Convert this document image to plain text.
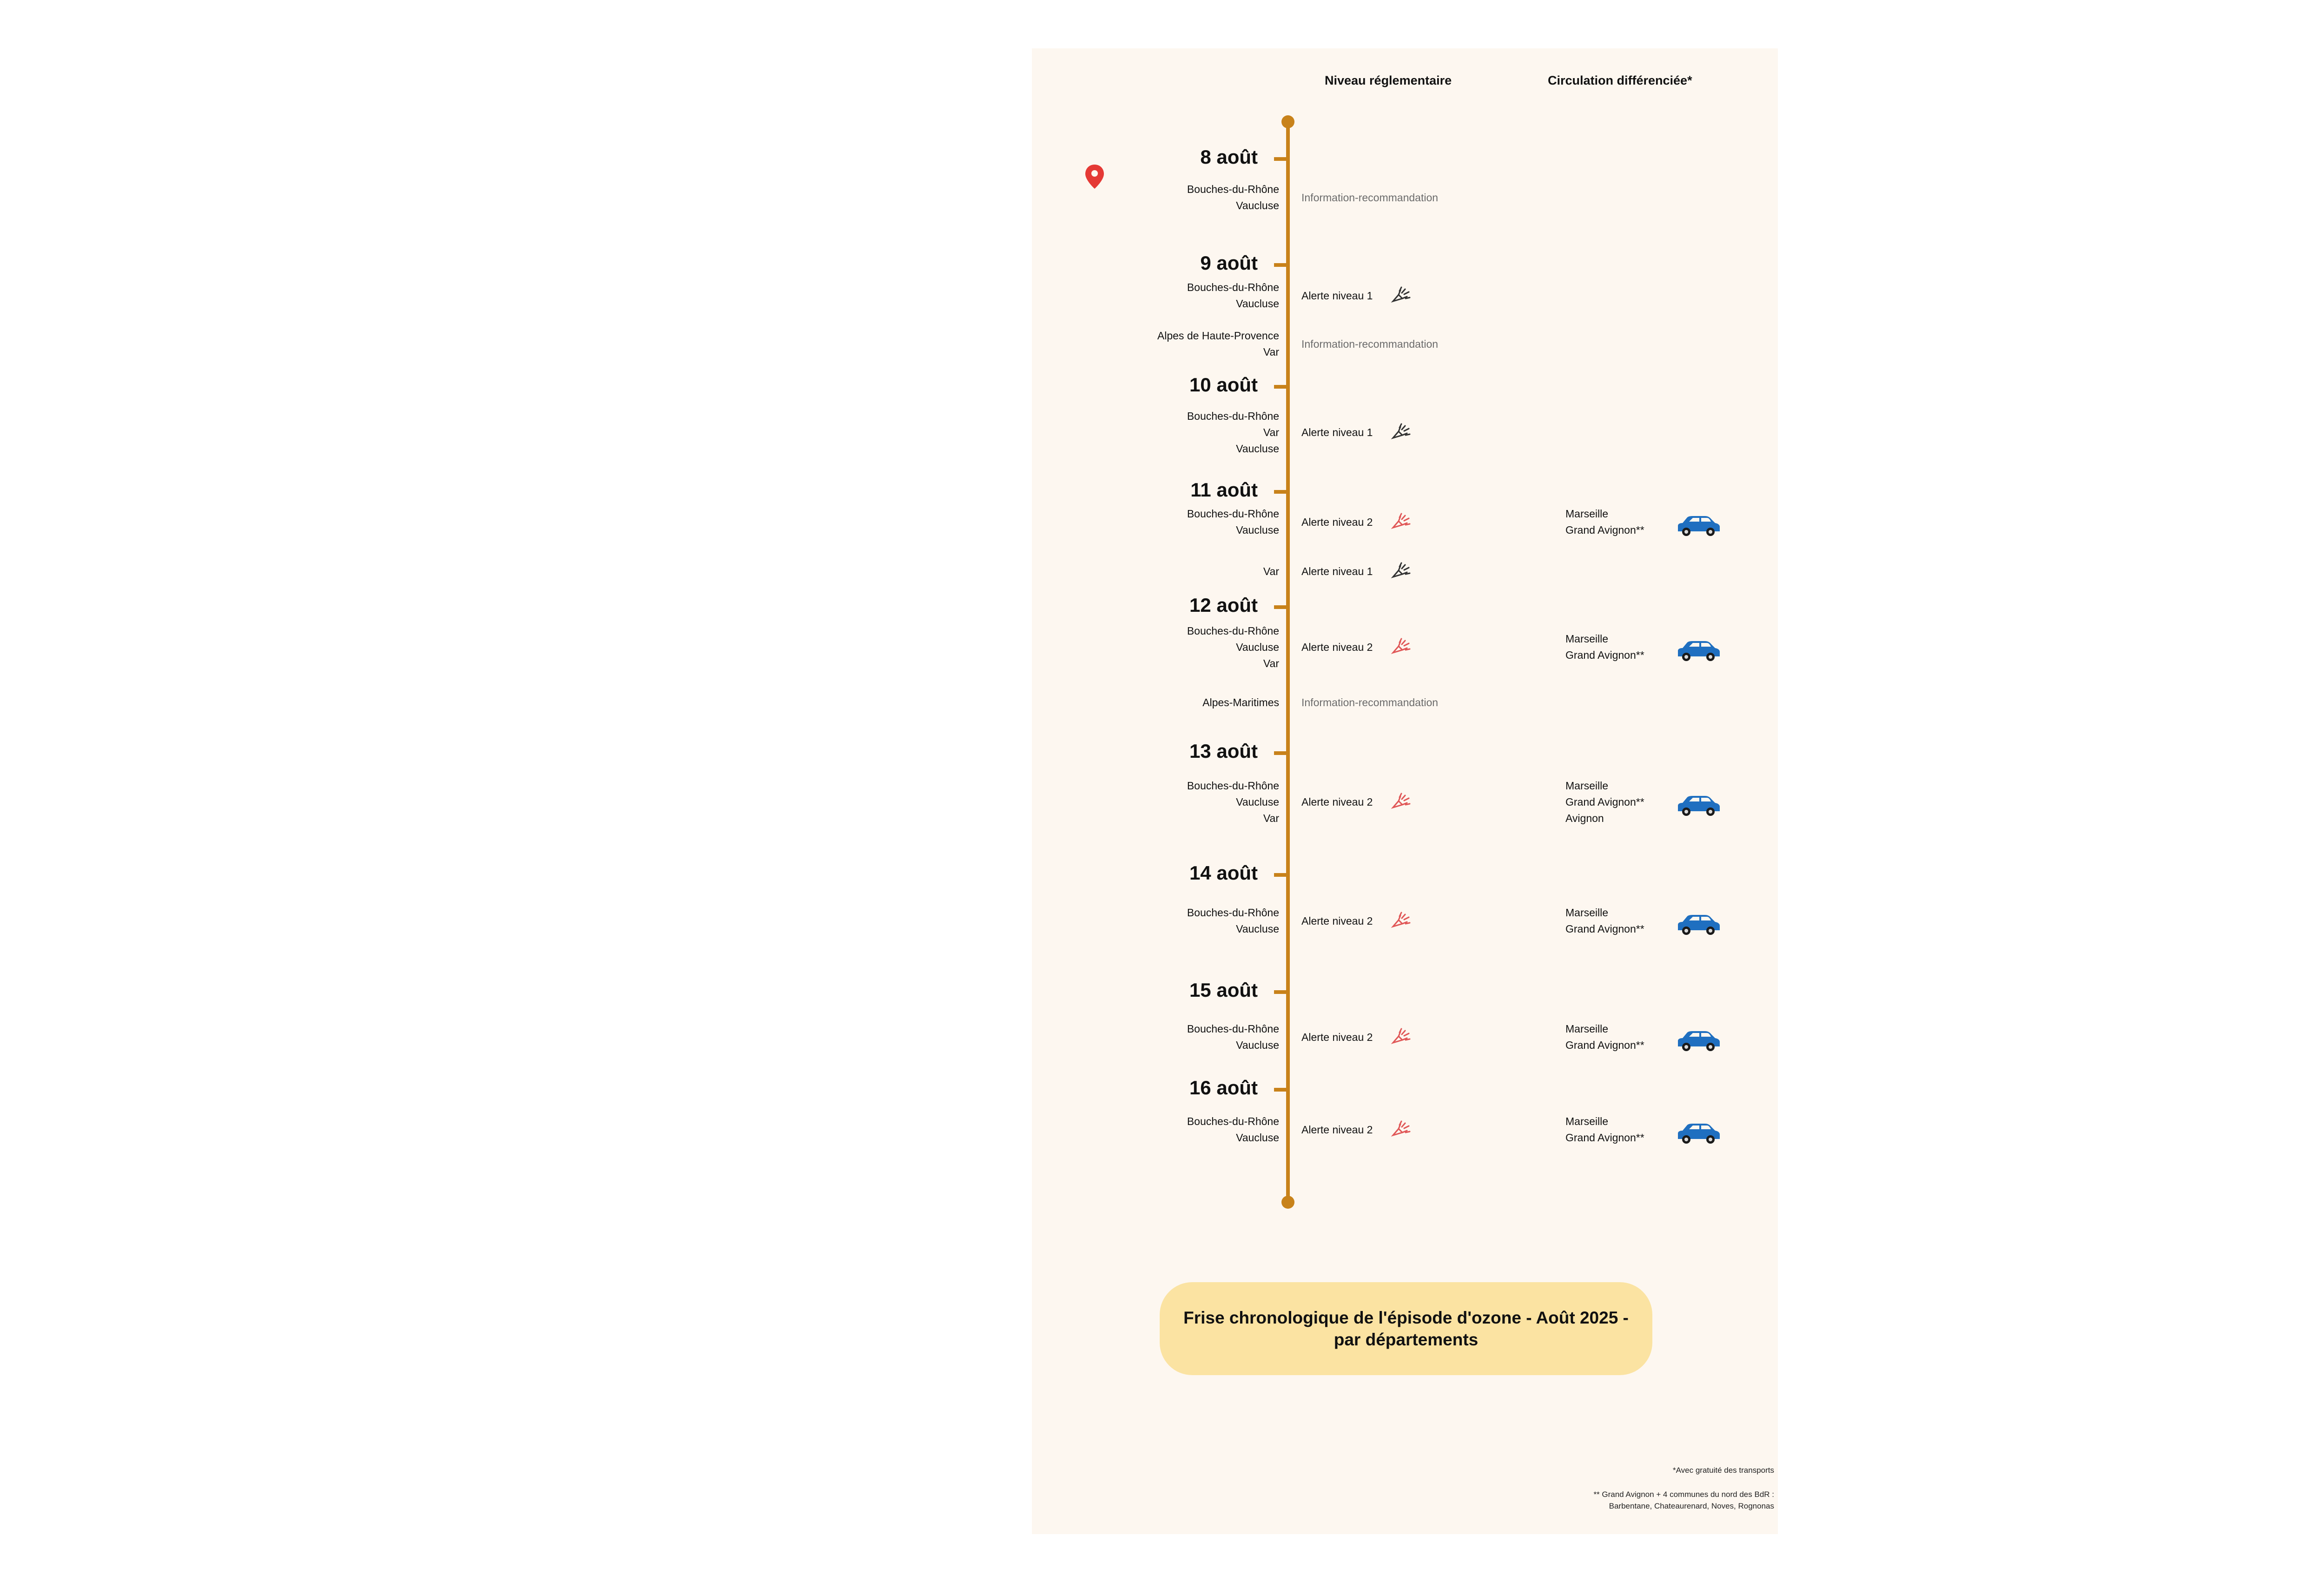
8 août
Bouches-du-Rhône
Vaucluse
Information-recommandation
9 août
Bouches-du-Rhône
Vaucluse
Alerte niveau 1
Alpes de Haute-Provence
Var
Information-recommandation
10 août
Bouches-du-Rhône
Var
Vaucluse
Alerte niveau 1
11 août
Bouches-du-Rhône
Vaucluse
Alerte niveau 2
Marseille
Grand Avignon**
Var Alerte niveau 1
12 août
Bouches-du-Rhône
Vaucluse
Var
Alerte niveau 2
Marseille
Grand Avignon**
Alpes-Maritimes Information-recommandation
13 août
Bouches-du-Rhône
Vaucluse
Var
Alerte niveau 2
Marseille
Grand Avignon**
Avignon
14 août
Bouches-du-Rhône
Vaucluse
Alerte niveau 2
Marseille
Grand Avignon**
15 août
Bouches-du-Rhône
Vaucluse
Alerte niveau 2
Marseille
Grand Avignon**
16 août
Bouches-du-Rhône
Vaucluse
Alerte niveau 2
Marseille
Grand Avignon**
Niveau réglementaire	Circulation différenciée*
Frise chronologique de l'épisode d'ozone - Août 2025 - par départements
*Avec gratuité des transports
** Grand Avignon + 4 communes du nord des BdR :
Barbentane, Chateaurenard, Noves, Rognonas
